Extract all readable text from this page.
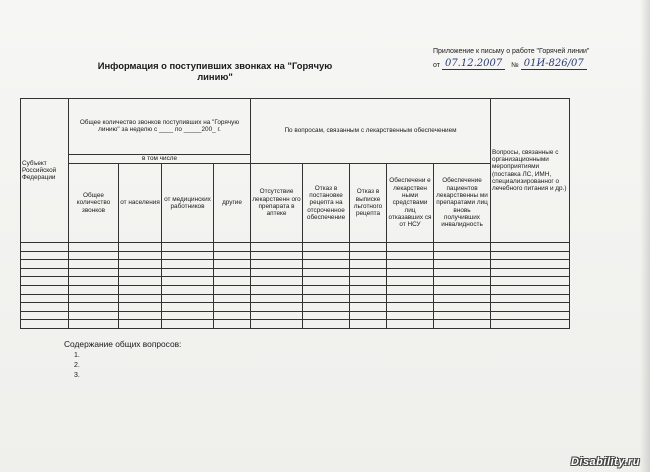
Информация о поступивших звонках на "Горячую линию"
Приложение к письму о работе "Горячей линии"
от 07.12.2007	№ 01И-826/07
Субъект Российской Федерации	Общее количество звонков поступивших на "Горячую линию" за неделю с ____ по _____200_ г.				По вопросам, связанным с лекарственным обеспечением					Вопросы, связанные с организационными мероприятиями (поставка ЛС, ИМН, специализированног о лечебного питания и др.)
	в том числе									
	Общее количество звонков	от населения	от медицинских работников	другие	Отсутствие лекарственн ого препарата в аптеке	Отказ в постановке рецепта на отсроченное обеспечение	Отказ в выписке льготного рецепта	Обеспечени е лекарствен ными средствами лиц отказавших ся от НСУ	Обеспечение пациентов лекарственны ми препаратами лиц вновь получивших инвалидность	

Содержание общих вопросов:
1.
2.
3.
Disability.ru
